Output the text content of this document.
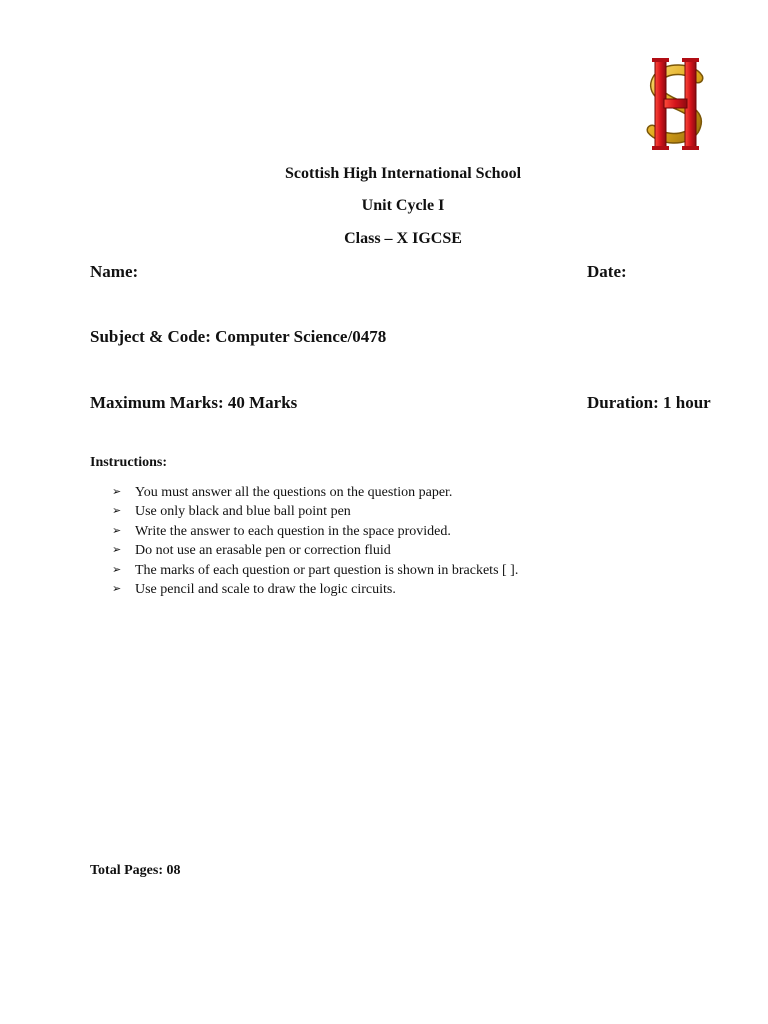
Scottish High International School
Unit Cycle I
Class – X IGCSE
Name:	Date:
Subject & Code: Computer Science/0478
Maximum Marks: 40 Marks	Duration: 1 hour
Instructions:
➢ You must answer all the questions on the question paper.
➢ Use only black and blue ball point pen
➢ Write the answer to each question in the space provided.
➢ Do not use an erasable pen or correction fluid
➢ The marks of each question or part question is shown in brackets [ ].
➢ Use pencil and scale to draw the logic circuits.
Total Pages: 08
